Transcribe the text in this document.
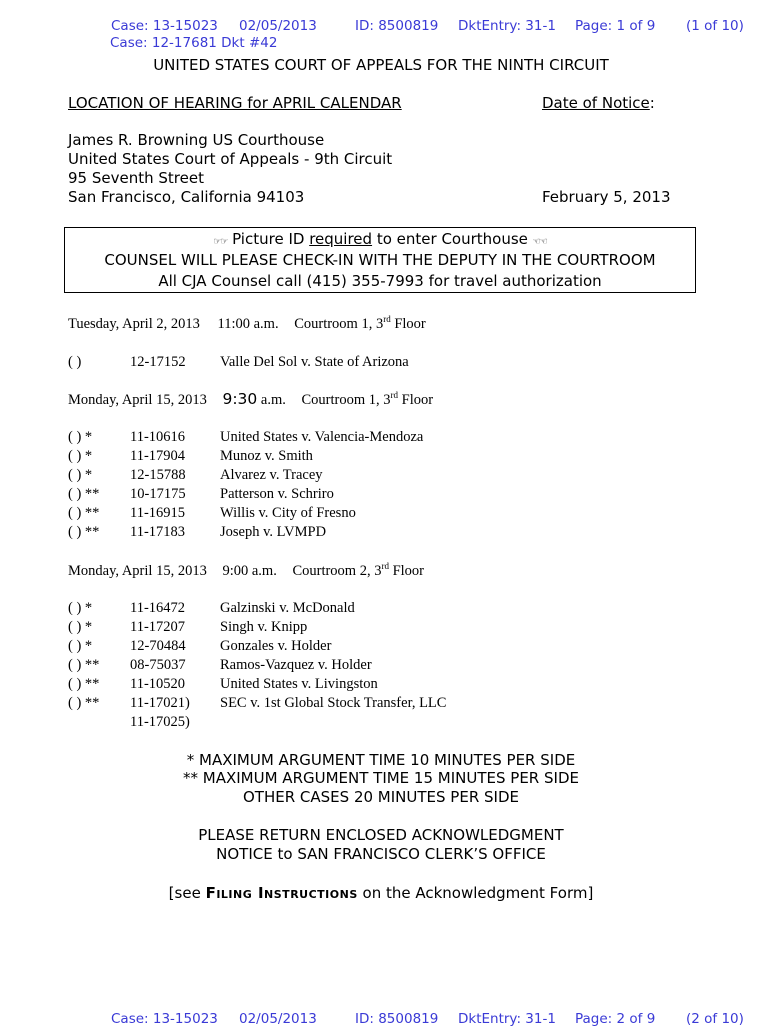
Case: 13-15023 02/05/2013	ID: 8500819 DktEntry: 31-1 Page: 1 of 9 (1 of 10)
Case: 12-17681 Dkt #42
UNITED STATES COURT OF APPEALS FOR THE NINTH CIRCUIT
LOCATION OF HEARING for APRIL CALENDAR	Date of Notice:
James R. Browning US Courthouse
United States Court of Appeals - 9th Circuit
95 Seventh Street
San Francisco, California 94103	February 5, 2013
☞☞ Picture ID required to enter Courthouse ☜☜
COUNSEL WILL PLEASE CHECK-IN WITH THE DEPUTY IN THE COURTROOM
All CJA Counsel call (415) 355-7993 for travel authorization
Tuesday, April 2, 2013 11:00 a.m. Courtroom 1, 3rd Floor
( )	12-17152 Valle Del Sol v. State of Arizona
Monday, April 15, 2013 9:30 a.m. Courtroom 1, 3rd Floor
( ) *	11-10616 United States v. Valencia-Mendoza
( ) *	11-17904 Munoz v. Smith
( ) *	12-15788 Alvarez v. Tracey
( ) ** 10-17175 Patterson v. Schriro
( ) ** 11-16915 Willis v. City of Fresno
( ) ** 11-17183 Joseph v. LVMPD
Monday, April 15, 2013 9:00 a.m. Courtroom 2, 3rd Floor
( ) *	11-16472 Galzinski v. McDonald
( ) *	11-17207 Singh v. Knipp
( ) *	12-70484 Gonzales v. Holder
( ) ** 08-75037 Ramos-Vazquez v. Holder
( ) ** 11-10520 United States v. Livingston
( ) ** 11-17021) SEC v. 1st Global Stock Transfer, LLC
11-17025)
* MAXIMUM ARGUMENT TIME 10 MINUTES PER SIDE
** MAXIMUM ARGUMENT TIME 15 MINUTES PER SIDE
OTHER CASES 20 MINUTES PER SIDE
PLEASE RETURN ENCLOSED ACKNOWLEDGMENT
NOTICE to SAN FRANCISCO CLERK’S OFFICE
[see Filing Instructions on the Acknowledgment Form]
Case: 13-15023 02/05/2013	ID: 8500819 DktEntry: 31-1 Page: 2 of 9 (2 of 10)
